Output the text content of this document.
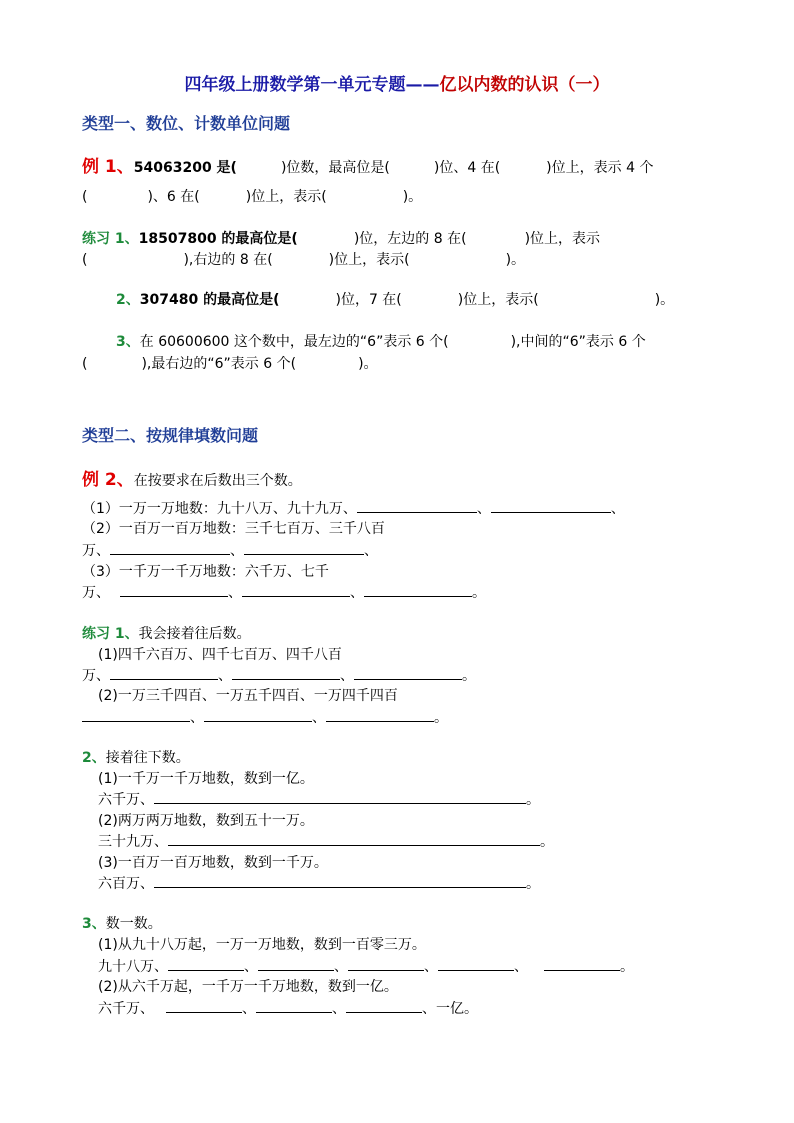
四年级上册数学第一单元专题——亿以内数的认识（一）
类型一、数位、计数单位问题
例 1、54063200 是(	)位数，最高位是(	)位、4 在(	)位上，表示 4 个
(	)、6 在(	)位上，表示(	)。
练习 1、18507800 的最高位是(	)位，左边的 8 在(	)位上，表示
(	),右边的 8 在(	)位上，表示(	)。
2、307480 的最高位是(	)位，7 在(	)位上，表示(	)。
3、在 60600600 这个数中，最左边的“6”表示 6 个(	),中间的“6”表示 6 个
(	),最右边的“6”表示 6 个(	)。
类型二、按规律填数问题
例 2、在按要求在后数出三个数。
（1）一万一万地数：九十八万、九十九万、	、	、
（2）一百万一百万地数：三千七百万、三千八百
万、	、	、
（3）一千万一千万地数：六千万、七千
万、	、	、	。
练习 1、我会接着往后数。
(1)四千六百万、四千七百万、四千八百
万、	、	、	。
(2)一万三千四百、一万五千四百、一万四千四百
、	、	。
2、接着往下数。
(1)一千万一千万地数，数到一亿。
六千万、	。
(2)两万两万地数，数到五十一万。
三十九万、	。
(3)一百万一百万地数，数到一千万。
六百万、	。
3、数一数。
(1)从九十八万起，一万一万地数，数到一百零三万。
九十八万、	、	、	、	、	。
(2)从六千万起，一千万一千万地数，数到一亿。
六千万、	、	、	、一亿。
